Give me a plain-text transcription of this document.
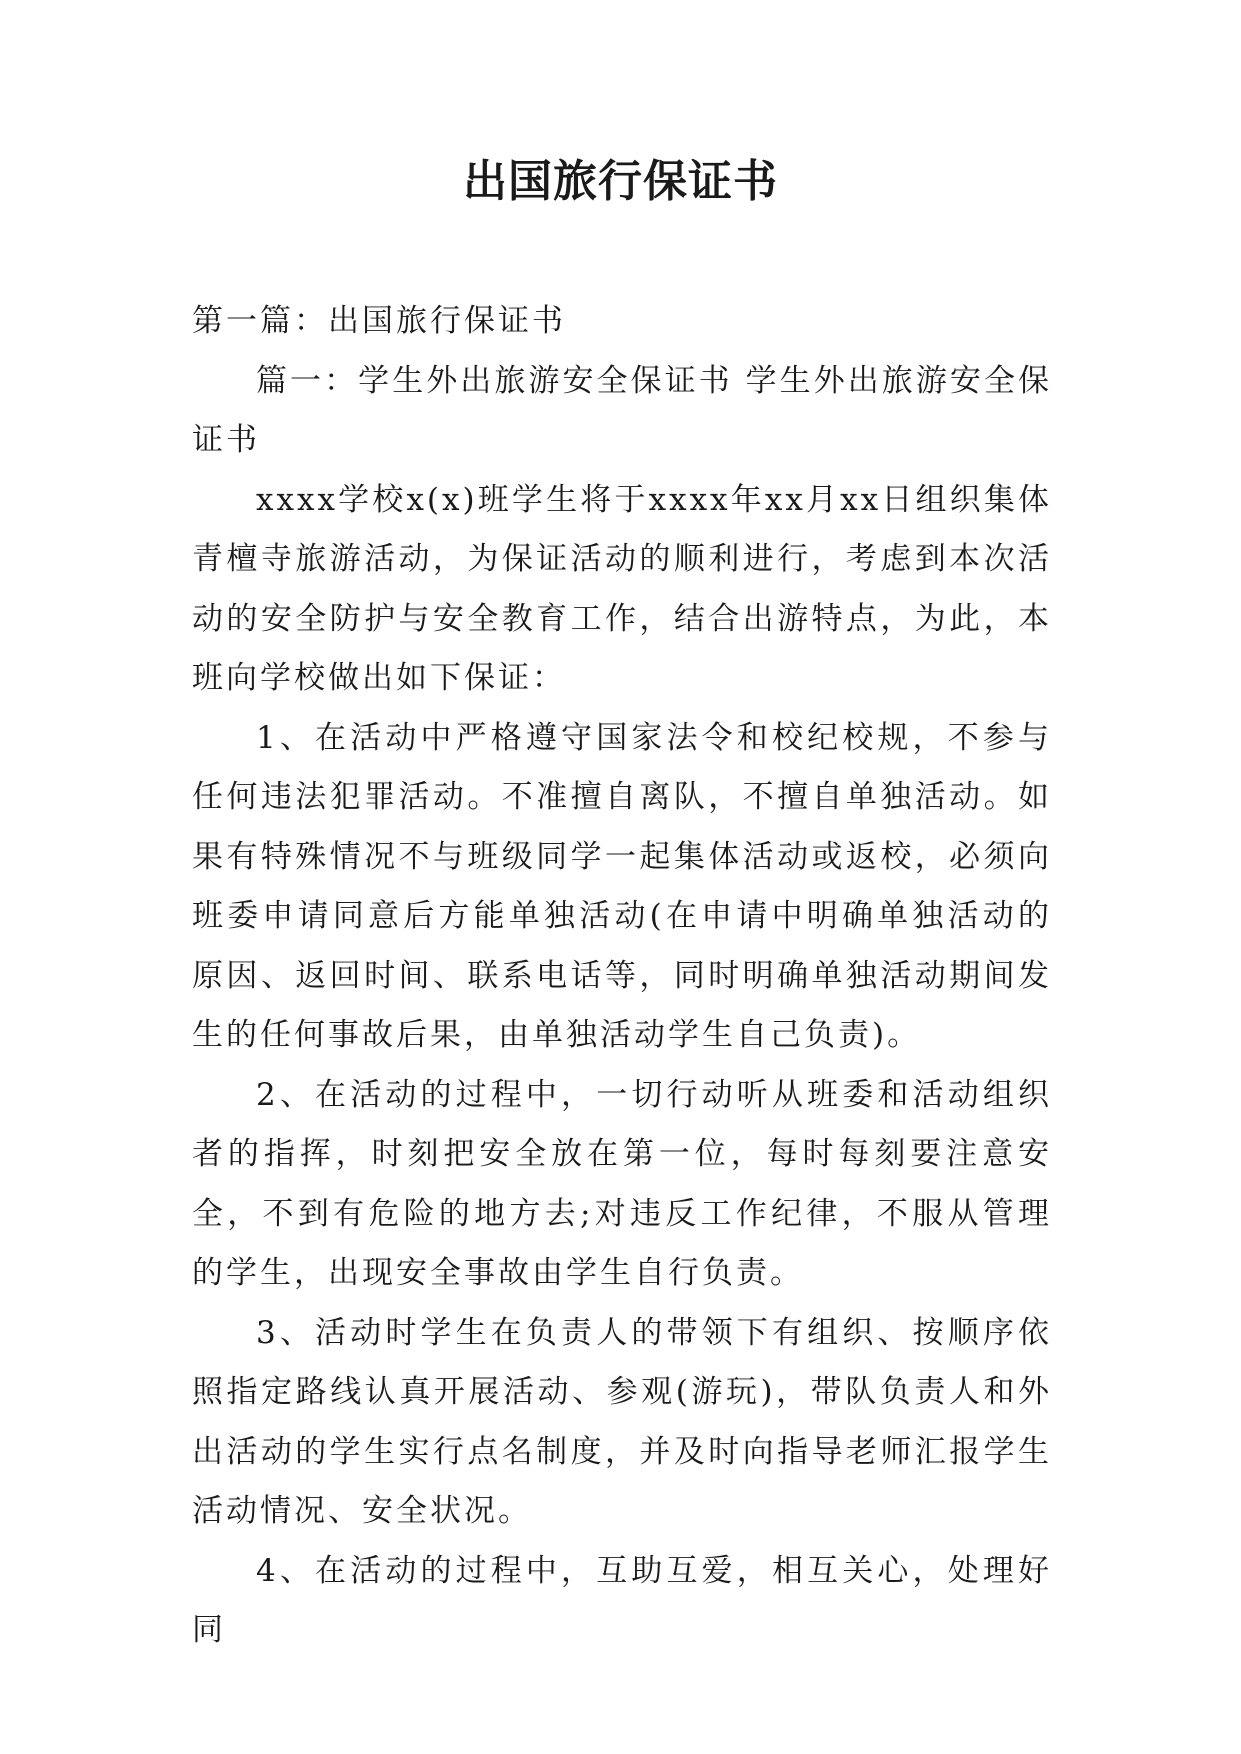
出国旅行保证书

第一篇：出国旅行保证书

篇一：学生外出旅游安全保证书 学生外出旅游安全保证书

xxxx学校x(x)班学生将于xxxx年xx月xx日组织集体青檀寺旅游活动，为保证活动的顺利进行，考虑到本次活动的安全防护与安全教育工作，结合出游特点，为此，本班向学校做出如下保证：

1、在活动中严格遵守国家法令和校纪校规，不参与任何违法犯罪活动。不准擅自离队，不擅自单独活动。如果有特殊情况不与班级同学一起集体活动或返校，必须向班委申请同意后方能单独活动(在申请中明确单独活动的原因、返回时间、联系电话等，同时明确单独活动期间发生的任何事故后果，由单独活动学生自己负责)。

2、在活动的过程中，一切行动听从班委和活动组织者的指挥，时刻把安全放在第一位，每时每刻要注意安全，不到有危险的地方去;对违反工作纪律，不服从管理的学生，出现安全事故由学生自行负责。

3、活动时学生在负责人的带领下有组织、按顺序依照指定路线认真开展活动、参观(游玩)，带队负责人和外出活动的学生实行点名制度，并及时向指导老师汇报学生活动情况、安全状况。

4、在活动的过程中，互助互爱，相互关心，处理好同
